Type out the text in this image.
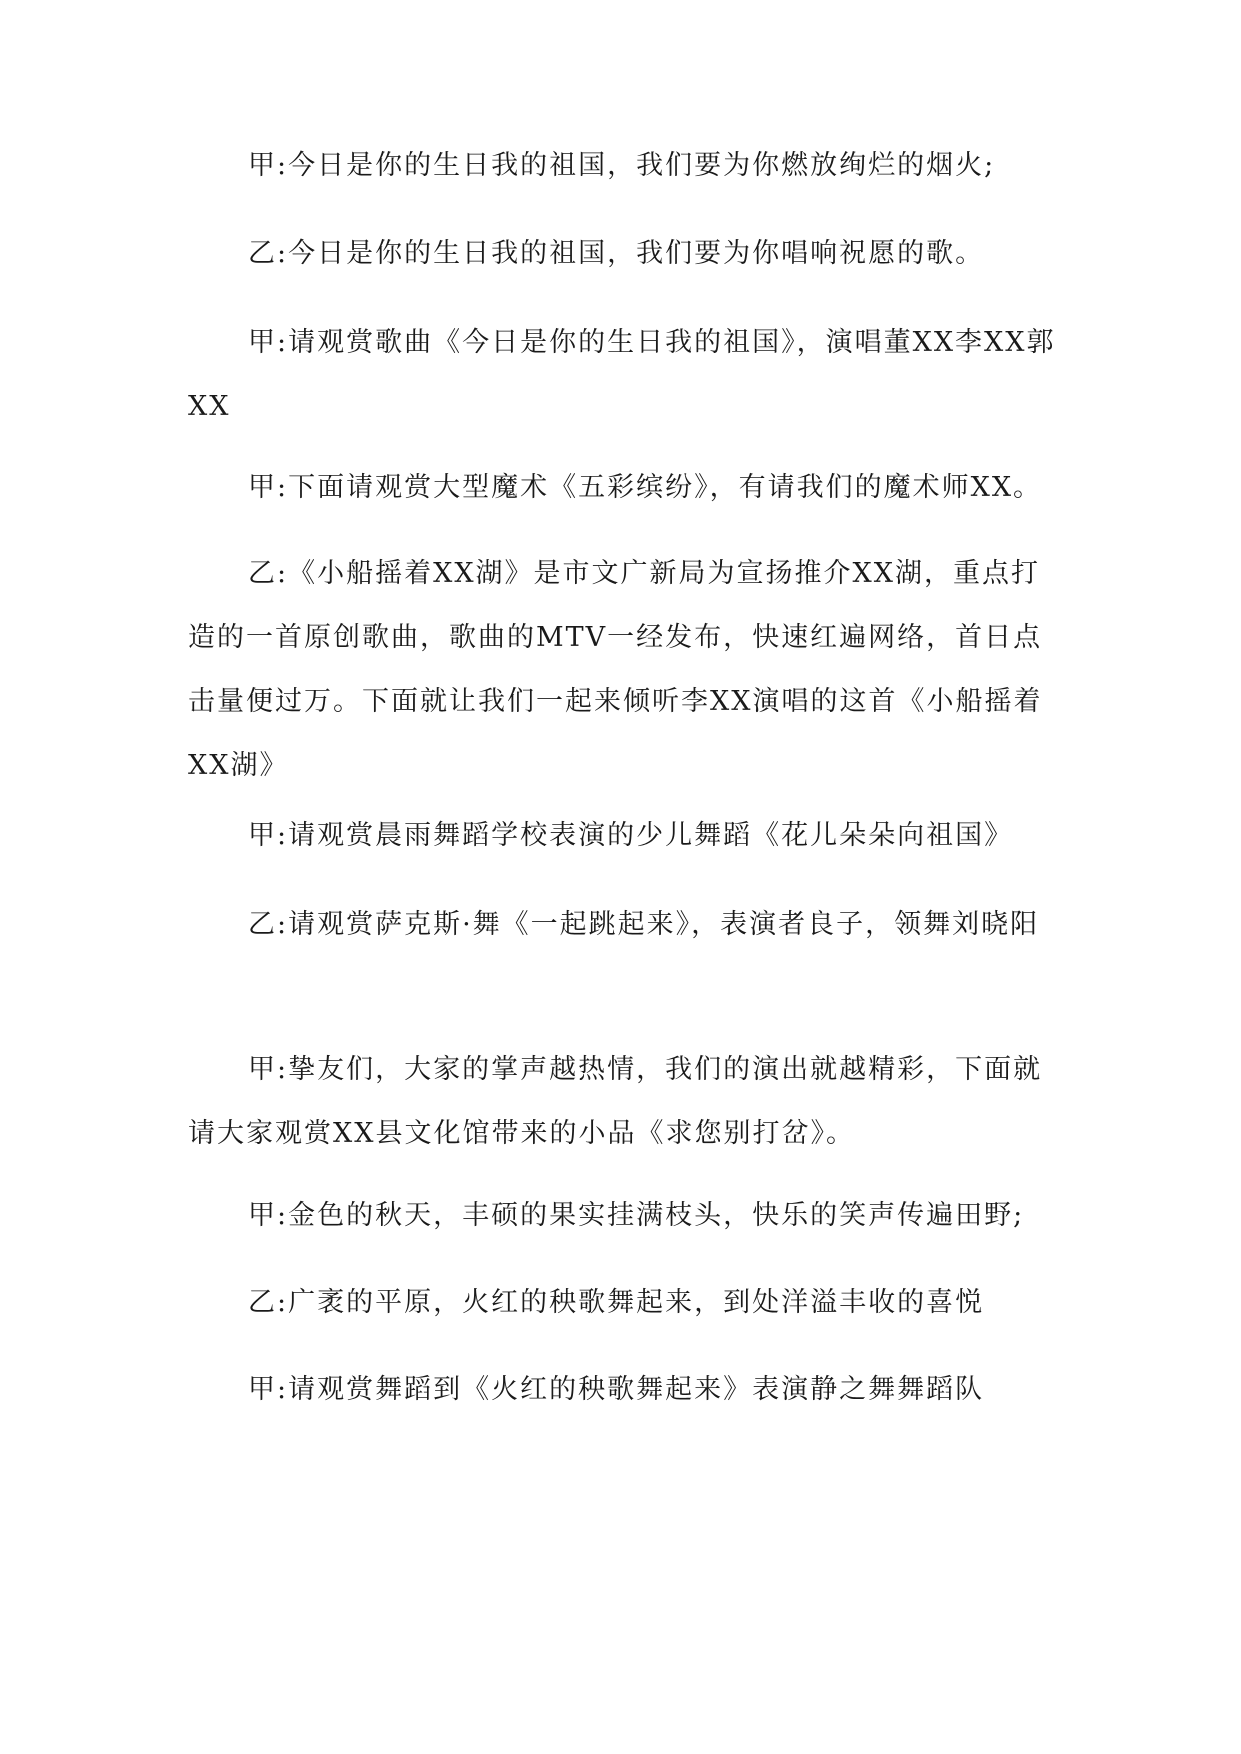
甲:今日是你的生日我的祖国，我们要为你燃放绚烂的烟火;

乙:今日是你的生日我的祖国，我们要为你唱响祝愿的歌。

甲:请观赏歌曲《今日是你的生日我的祖国》，演唱董XX李XX郭XX

甲:下面请观赏大型魔术《五彩缤纷》，有请我们的魔术师XX。

乙:《小船摇着XX湖》是市文广新局为宣扬推介XX湖，重点打造的一首原创歌曲，歌曲的MTV一经发布，快速红遍网络，首日点击量便过万。下面就让我们一起来倾听李XX演唱的这首《小船摇着XX湖》

甲:请观赏晨雨舞蹈学校表演的少儿舞蹈《花儿朵朵向祖国》

乙:请观赏萨克斯·舞《一起跳起来》，表演者良子，领舞刘晓阳

甲:挚友们，大家的掌声越热情，我们的演出就越精彩，下面就请大家观赏XX县文化馆带来的小品《求您别打岔》。

甲:金色的秋天，丰硕的果实挂满枝头，快乐的笑声传遍田野;

乙:广袤的平原，火红的秧歌舞起来，到处洋溢丰收的喜悦

甲:请观赏舞蹈到《火红的秧歌舞起来》表演静之舞舞蹈队
